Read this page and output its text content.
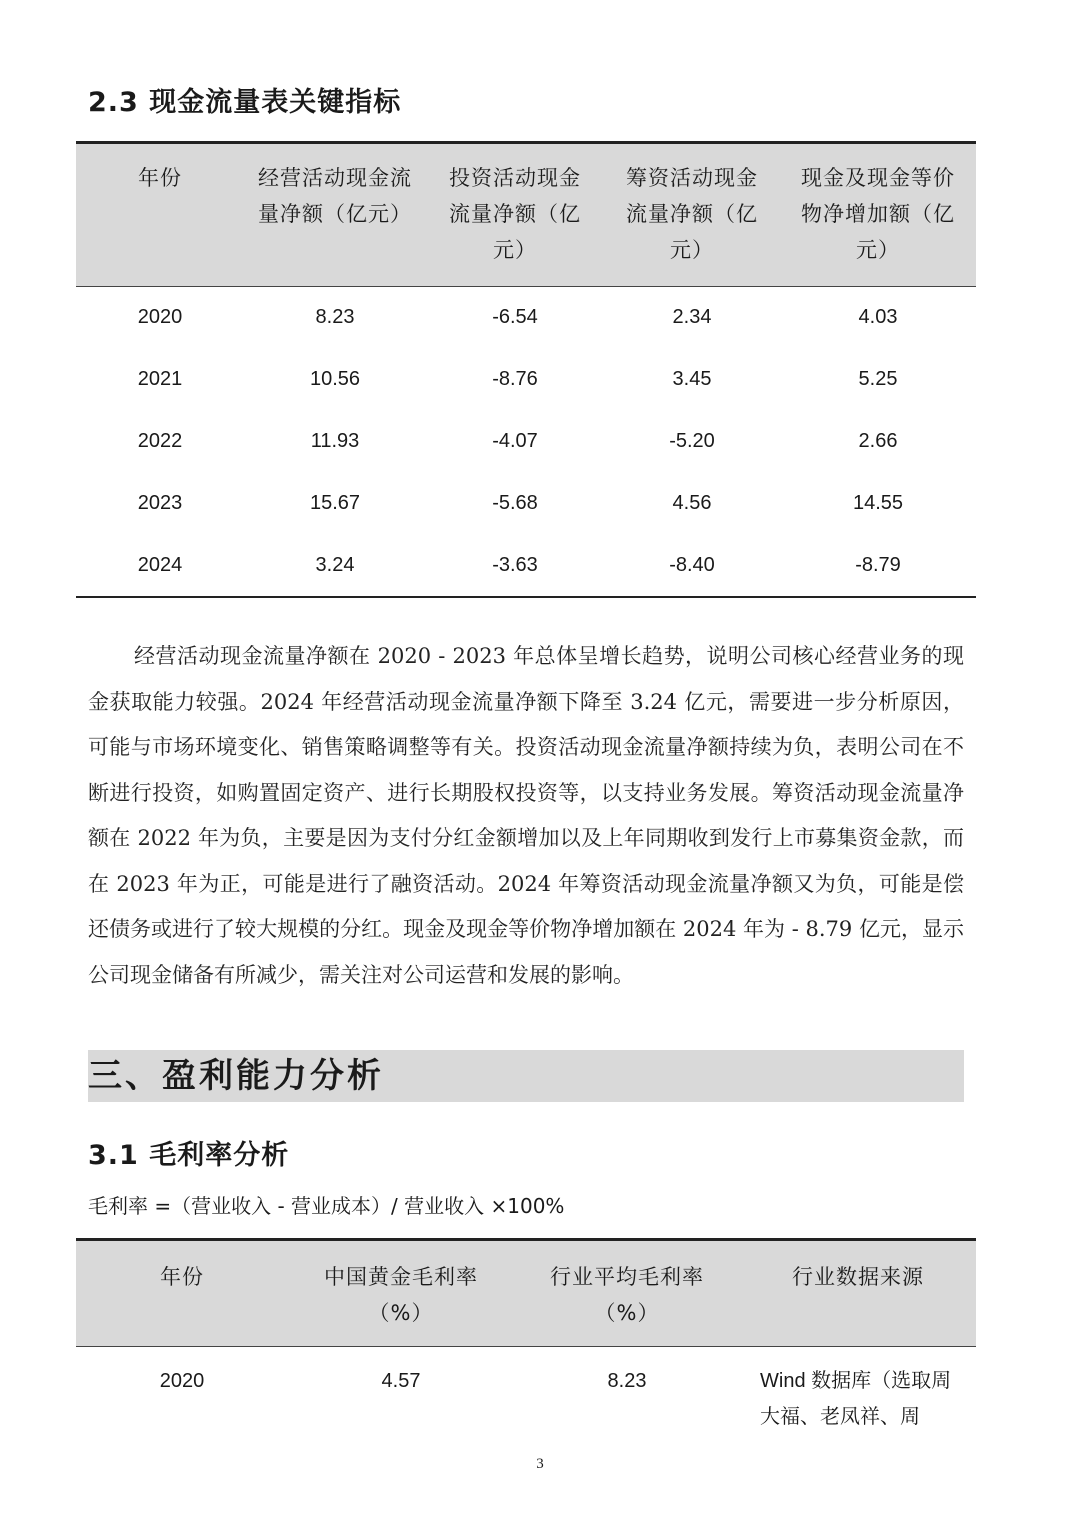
2.3 现金流量表关键指标
年份	经营活动现金流量净额（亿元）	投资活动现金流量净额（亿元）	筹资活动现金流量净额（亿元）	现金及现金等价物净增加额（亿元）
2020	8.23	-6.54	2.34	4.03
2021	10.56	-8.76	3.45	5.25
2022	11.93	-4.07	-5.20	2.66
2023	15.67	-5.68	4.56	14.55
2024	3.24	-3.63	-8.40	-8.79

经营活动现金流量净额在 2020 - 2023 年总体呈增长趋势，说明公司核心经营业务的现金获取能力较强。2024 年经营活动现金流量净额下降至 3.24 亿元，需要进一步分析原因，可能与市场环境变化、销售策略调整等有关。投资活动现金流量净额持续为负，表明公司在不断进行投资，如购置固定资产、进行长期股权投资等，以支持业务发展。筹资活动现金流量净额在 2022 年为负，主要是因为支付分红金额增加以及上年同期收到发行上市募集资金款，而在 2023 年为正，可能是进行了融资活动。2024 年筹资活动现金流量净额又为负，可能是偿还债务或进行了较大规模的分红。现金及现金等价物净增加额在 2024 年为 - 8.79 亿元，显示公司现金储备有所减少，需关注对公司运营和发展的影响。

三、盈利能力分析
3.1 毛利率分析

毛利率 =（营业收入 - 营业成本）/ 营业收入 ×100%

年份	中国黄金毛利率（%）	行业平均毛利率（%）	行业数据来源
2020	4.57	8.23	Wind 数据库（选取周大福、老凤祥、周

3
